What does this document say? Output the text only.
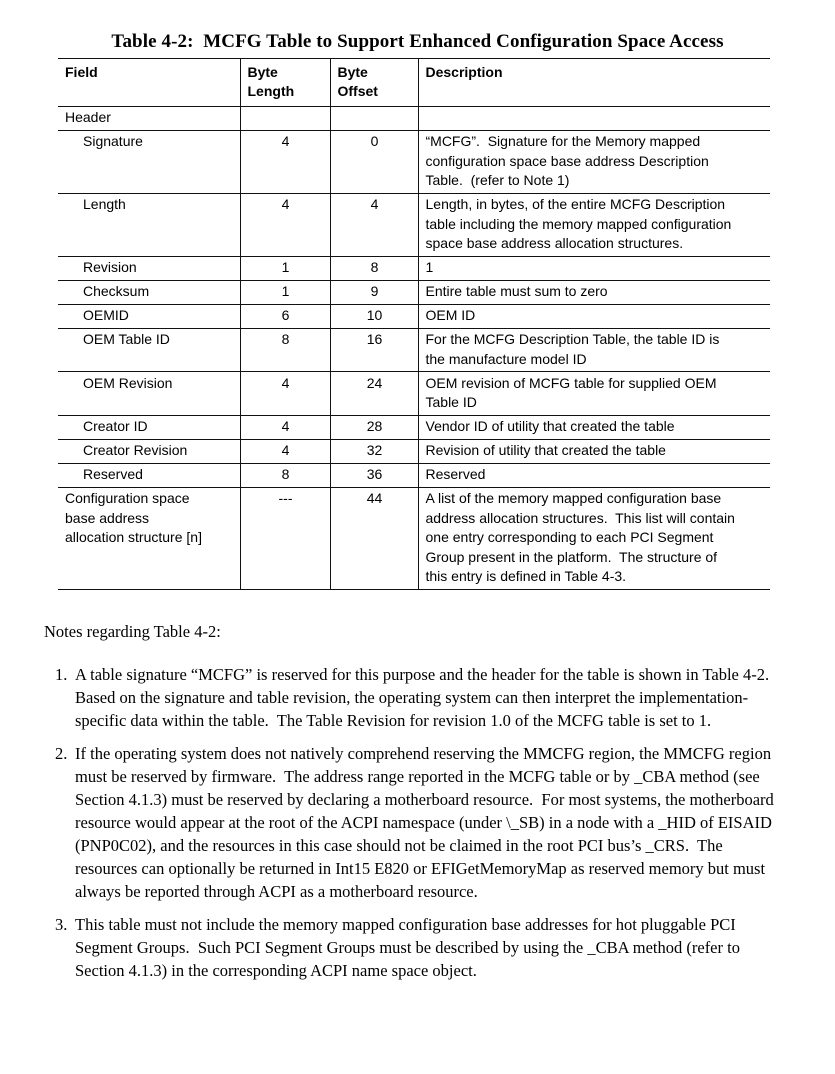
Table 4-2:  MCFG Table to Support Enhanced Configuration Space Access
Field	Byte Length	Byte Offset	Description
Header			
Signature	4	0	“MCFG”.  Signature for the Memory mapped configuration space base address Description Table.  (refer to Note 1)
Length	4	4	Length, in bytes, of the entire MCFG Description table including the memory mapped configuration space base address allocation structures.
Revision	1	8	1
Checksum	1	9	Entire table must sum to zero
OEMID	6	10	OEM ID
OEM Table ID	8	16	For the MCFG Description Table, the table ID is the manufacture model ID
OEM Revision	4	24	OEM revision of MCFG table for supplied OEM Table ID
Creator ID	4	28	Vendor ID of utility that created the table
Creator Revision	4	32	Revision of utility that created the table
Reserved	8	36	Reserved
Configuration space base address allocation structure [n]	---	44	A list of the memory mapped configuration base address allocation structures.  This list will contain one entry corresponding to each PCI Segment Group present in the platform.  The structure of this entry is defined in Table 4-3.

Notes regarding Table 4-2:

1. A table signature “MCFG” is reserved for this purpose and the header for the table is shown in Table 4-2.  Based on the signature and table revision, the operating system can then interpret the implementation-specific data within the table.  The Table Revision for revision 1.0 of the MCFG table is set to 1.
2. If the operating system does not natively comprehend reserving the MMCFG region, the MMCFG region must be reserved by firmware.  The address range reported in the MCFG table or by _CBA method (see Section 4.1.3) must be reserved by declaring a motherboard resource.  For most systems, the motherboard resource would appear at the root of the ACPI namespace (under \_SB) in a node with a _HID of EISAID (PNP0C02), and the resources in this case should not be claimed in the root PCI bus’s _CRS.  The resources can optionally be returned in Int15 E820 or EFIGetMemoryMap as reserved memory but must always be reported through ACPI as a motherboard resource.
3. This table must not include the memory mapped configuration base addresses for hot pluggable PCI Segment Groups.  Such PCI Segment Groups must be described by using the _CBA method (refer to Section 4.1.3) in the corresponding ACPI name space object.
